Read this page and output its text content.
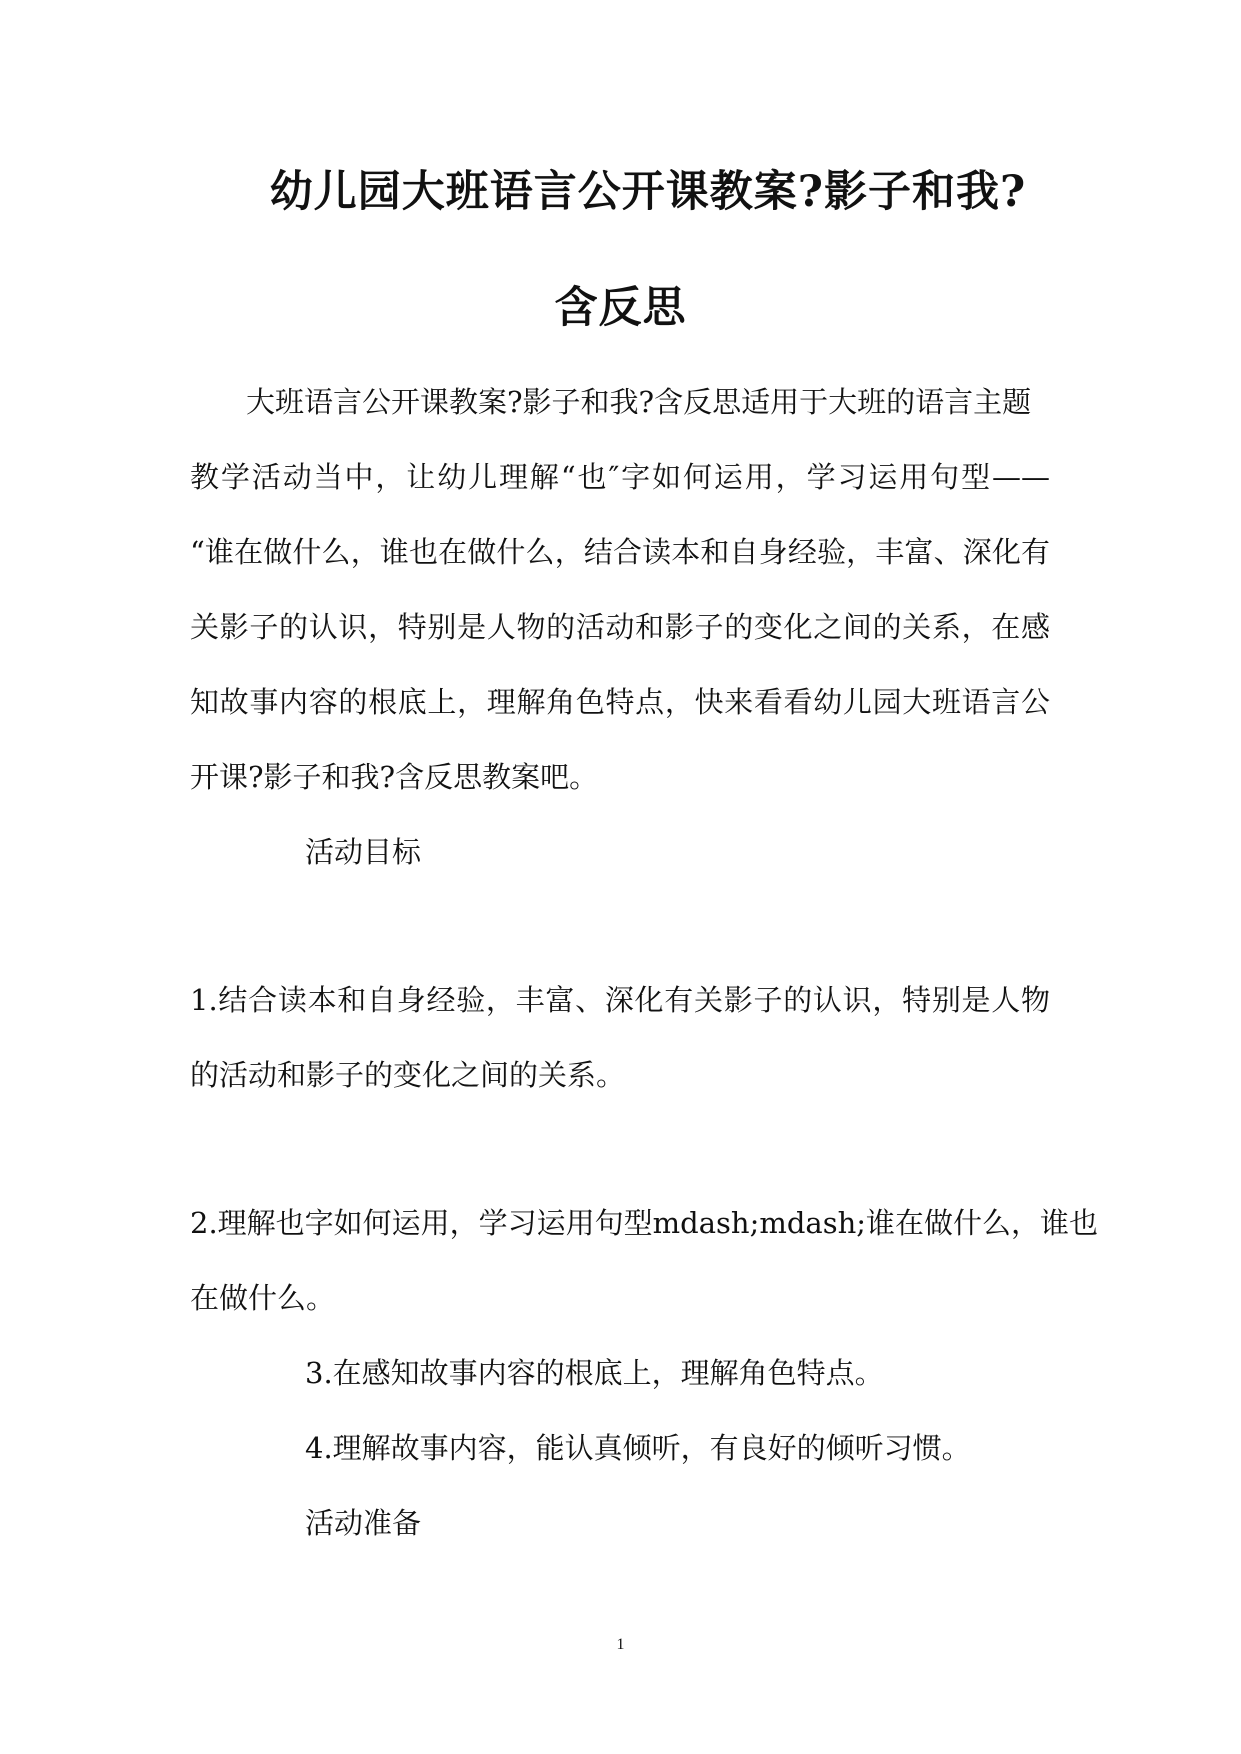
幼儿园大班语言公开课教案?影子和我?
含反思
大班语言公开课教案?影子和我?含反思适用于大班的语言主题
教学活动当中，让幼儿理解“也″字如何运用，学习运用句型——
“谁在做什么，谁也在做什么，结合读本和自身经验，丰富、深化有
关影子的认识，特别是人物的活动和影子的变化之间的关系，在感
知故事内容的根底上，理解角色特点，快来看看幼儿园大班语言公
开课?影子和我?含反思教案吧。
活动目标
1.结合读本和自身经验，丰富、深化有关影子的认识，特别是人物
的活动和影子的变化之间的关系。
2.理解也字如何运用，学习运用句型mdash;mdash;谁在做什么，谁也
在做什么。
3.在感知故事内容的根底上，理解角色特点。
4.理解故事内容，能认真倾听，有良好的倾听习惯。
活动准备
1
